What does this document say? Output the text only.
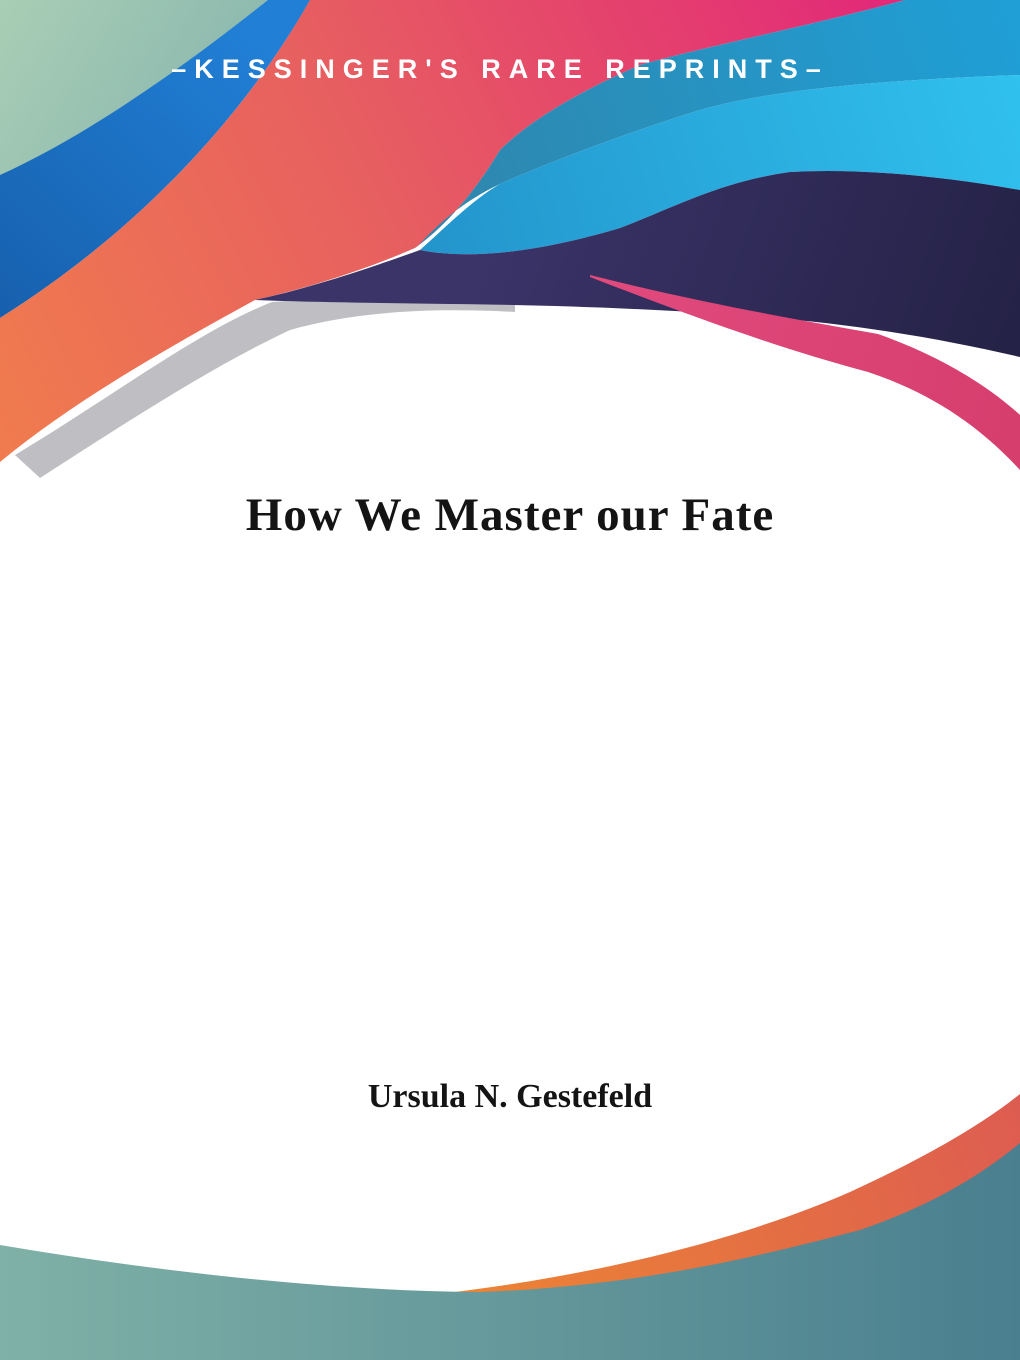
–KESSINGER'S RARE REPRINTS–
How We Master our Fate
Ursula N. Gestefeld
